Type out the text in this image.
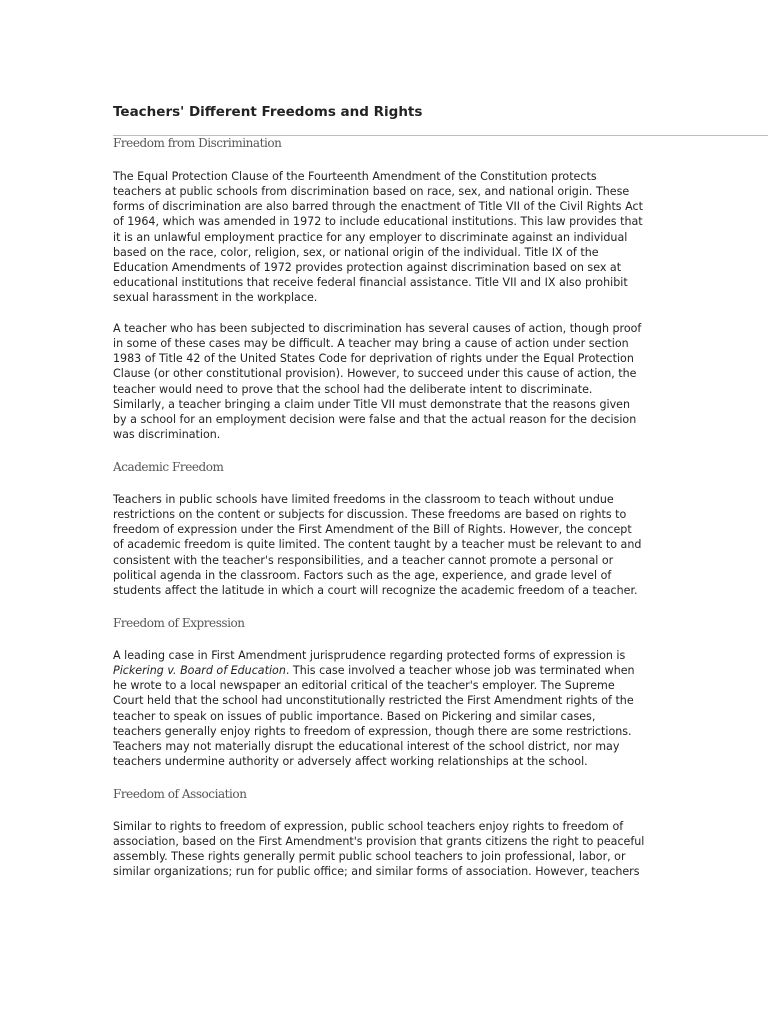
Teachers' Different Freedoms and Rights
Freedom from Discrimination
The Equal Protection Clause of the Fourteenth Amendment of the Constitution protects
teachers at public schools from discrimination based on race, sex, and national origin. These
forms of discrimination are also barred through the enactment of Title VII of the Civil Rights Act
of 1964, which was amended in 1972 to include educational institutions. This law provides that
it is an unlawful employment practice for any employer to discriminate against an individual
based on the race, color, religion, sex, or national origin of the individual. Title IX of the
Education Amendments of 1972 provides protection against discrimination based on sex at
educational institutions that receive federal financial assistance. Title VII and IX also prohibit
sexual harassment in the workplace.
A teacher who has been subjected to discrimination has several causes of action, though proof
in some of these cases may be difficult. A teacher may bring a cause of action under section
1983 of Title 42 of the United States Code for deprivation of rights under the Equal Protection
Clause (or other constitutional provision). However, to succeed under this cause of action, the
teacher would need to prove that the school had the deliberate intent to discriminate.
Similarly, a teacher bringing a claim under Title VII must demonstrate that the reasons given
by a school for an employment decision were false and that the actual reason for the decision
was discrimination.
Academic Freedom
Teachers in public schools have limited freedoms in the classroom to teach without undue
restrictions on the content or subjects for discussion. These freedoms are based on rights to
freedom of expression under the First Amendment of the Bill of Rights. However, the concept
of academic freedom is quite limited. The content taught by a teacher must be relevant to and
consistent with the teacher's responsibilities, and a teacher cannot promote a personal or
political agenda in the classroom. Factors such as the age, experience, and grade level of
students affect the latitude in which a court will recognize the academic freedom of a teacher.
Freedom of Expression
A leading case in First Amendment jurisprudence regarding protected forms of expression is
Pickering v. Board of Education. This case involved a teacher whose job was terminated when
he wrote to a local newspaper an editorial critical of the teacher's employer. The Supreme
Court held that the school had unconstitutionally restricted the First Amendment rights of the
teacher to speak on issues of public importance. Based on Pickering and similar cases,
teachers generally enjoy rights to freedom of expression, though there are some restrictions.
Teachers may not materially disrupt the educational interest of the school district, nor may
teachers undermine authority or adversely affect working relationships at the school.
Freedom of Association
Similar to rights to freedom of expression, public school teachers enjoy rights to freedom of
association, based on the First Amendment's provision that grants citizens the right to peaceful
assembly. These rights generally permit public school teachers to join professional, labor, or
similar organizations; run for public office; and similar forms of association. However, teachers
